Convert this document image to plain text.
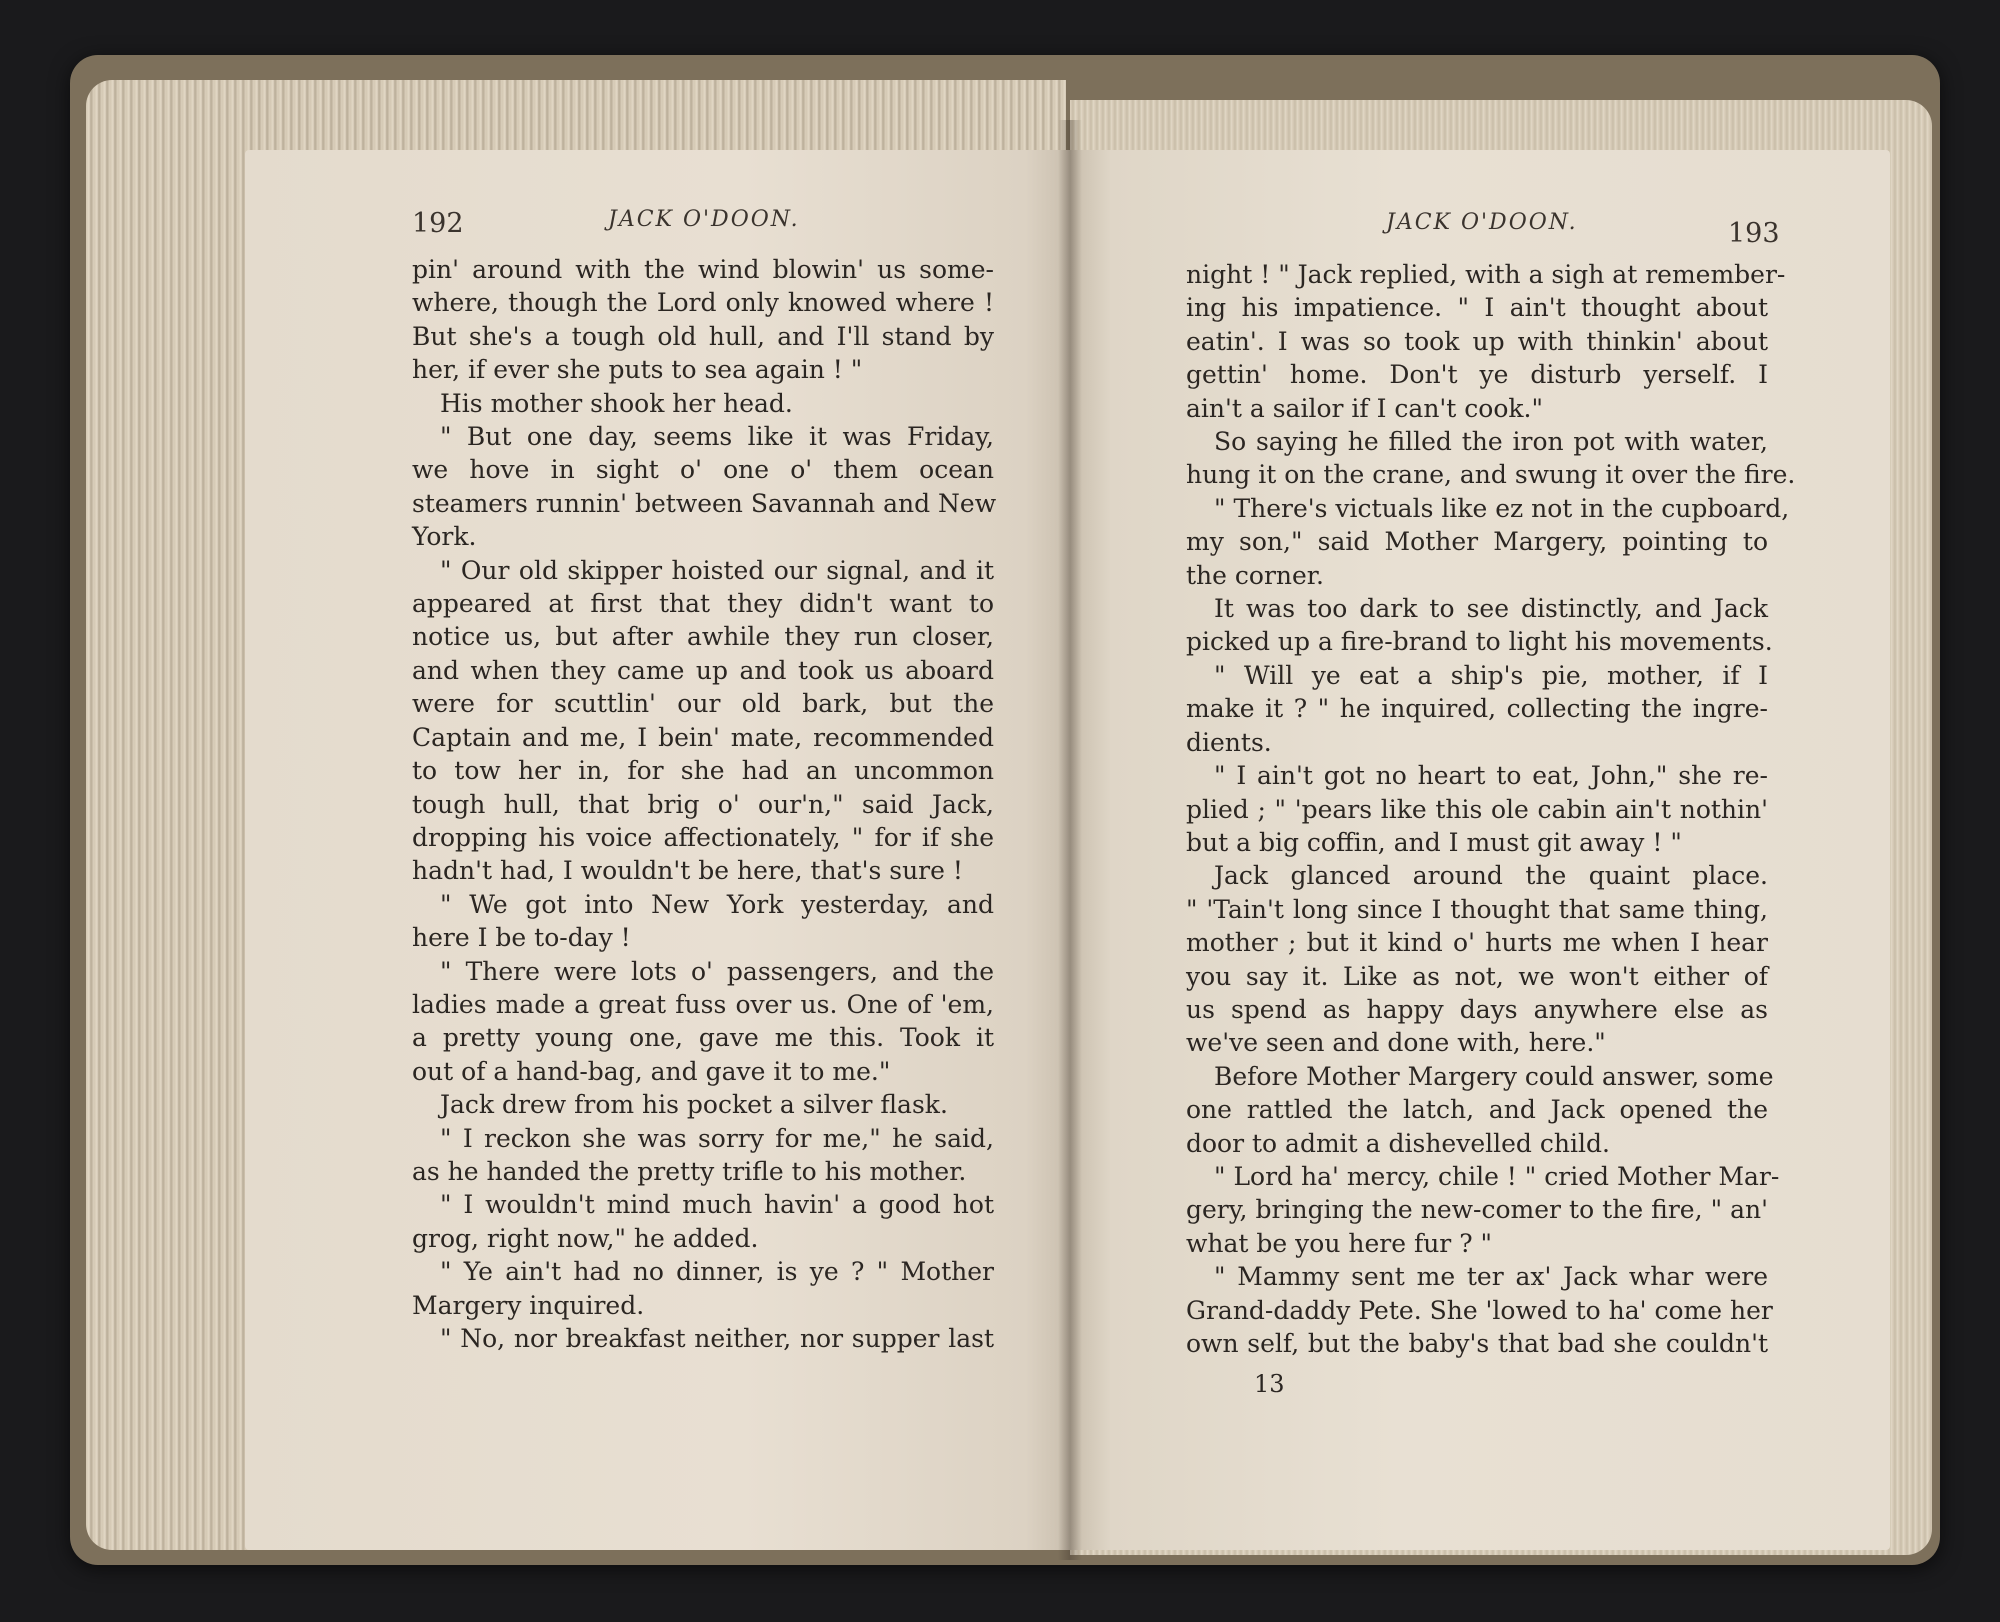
192	JACK O'DOON.	JACK O'DOON.	193
pin' around with the wind blowin' us some-
where, though the Lord only knowed where !
But she's a tough old hull, and I'll stand by
her, if ever she puts to sea again ! "
His mother shook her head.
" But one day, seems like it was Friday,
we hove in sight o' one o' them ocean
steamers runnin' between Savannah and New
York.
" Our old skipper hoisted our signal, and it
appeared at first that they didn't want to
notice us, but after awhile they run closer,
and when they came up and took us aboard
were for scuttlin' our old bark, but the
Captain and me, I bein' mate, recommended
to tow her in, for she had an uncommon
tough hull, that brig o' our'n," said Jack,
dropping his voice affectionately, " for if she
hadn't had, I wouldn't be here, that's sure !
" We got into New York yesterday, and
here I be to-day !
" There were lots o' passengers, and the
ladies made a great fuss over us. One of 'em,
a pretty young one, gave me this. Took it
out of a hand-bag, and gave it to me."
Jack drew from his pocket a silver flask.
" I reckon she was sorry for me," he said,
as he handed the pretty trifle to his mother.
" I wouldn't mind much havin' a good hot
grog, right now," he added.
" Ye ain't had no dinner, is ye ? " Mother
Margery inquired.
" No, nor breakfast neither, nor supper last
night ! " Jack replied, with a sigh at remember-
ing his impatience. " I ain't thought about
eatin'. I was so took up with thinkin' about
gettin' home. Don't ye disturb yerself. I
ain't a sailor if I can't cook."
So saying he filled the iron pot with water,
hung it on the crane, and swung it over the fire.
" There's victuals like ez not in the cupboard,
my son," said Mother Margery, pointing to
the corner.
It was too dark to see distinctly, and Jack
picked up a fire-brand to light his movements.
" Will ye eat a ship's pie, mother, if I
make it ? " he inquired, collecting the ingre-
dients.
" I ain't got no heart to eat, John," she re-
plied ; " 'pears like this ole cabin ain't nothin'
but a big coffin, and I must git away ! "
Jack glanced around the quaint place.
" 'Tain't long since I thought that same thing,
mother ; but it kind o' hurts me when I hear
you say it. Like as not, we won't either of
us spend as happy days anywhere else as
we've seen and done with, here."
Before Mother Margery could answer, some
one rattled the latch, and Jack opened the
door to admit a dishevelled child.
" Lord ha' mercy, chile ! " cried Mother Mar-
gery, bringing the new-comer to the fire, " an'
what be you here fur ? "
" Mammy sent me ter ax' Jack whar were
Grand-daddy Pete. She 'lowed to ha' come her
own self, but the baby's that bad she couldn't
13
